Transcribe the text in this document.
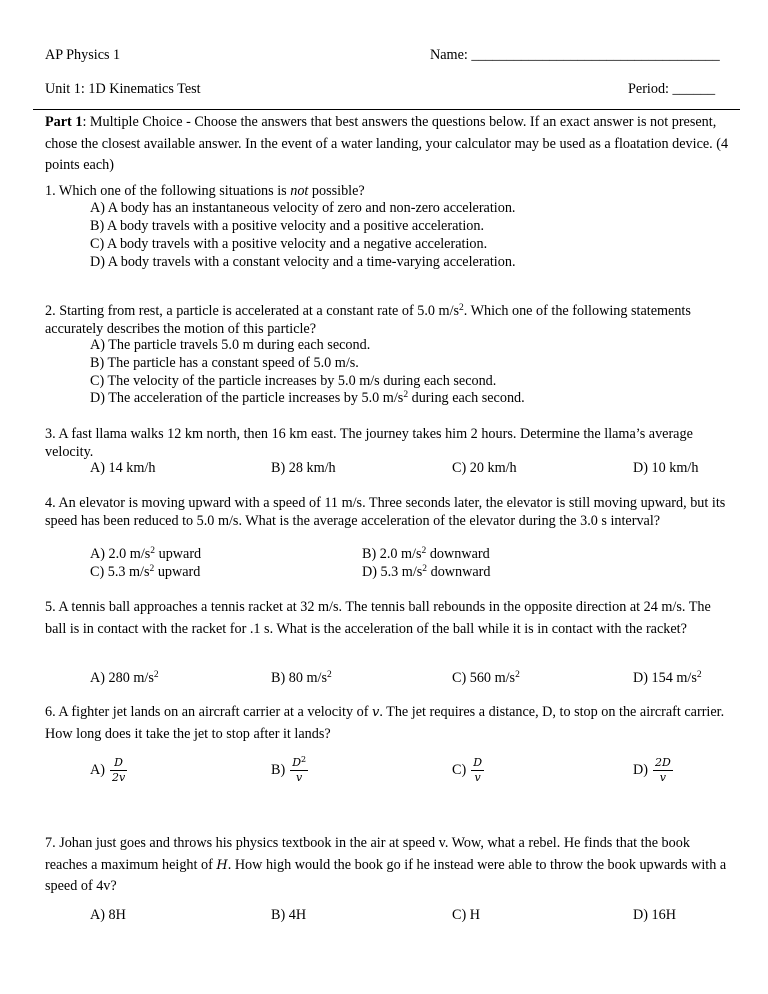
AP Physics 1	Name: ___________________________________
Unit 1: 1D Kinematics Test	Period: ______
Part 1: Multiple Choice - Choose the answers that best answers the questions below. If an exact answer is not present, chose the closest available answer. In the event of a water landing, your calculator may be used as a floatation device. (4 points each)
1. Which one of the following situations is not possible?
A) A body has an instantaneous velocity of zero and non-zero acceleration.
B) A body travels with a positive velocity and a positive acceleration.
C) A body travels with a positive velocity and a negative acceleration.
D) A body travels with a constant velocity and a time-varying acceleration.
2. Starting from rest, a particle is accelerated at a constant rate of 5.0 $m/s^2$. Which one of the following statements accurately describes the motion of this particle?
A) The particle travels 5.0 m during each second.
B) The particle has a constant speed of 5.0 m/s.
C) The velocity of the particle increases by 5.0 m/s during each second.
D) The acceleration of the particle increases by 5.0 $m/s^2$ during each second.
3. A fast llama walks 12 km north, then 16 km east. The journey takes him 2 hours. Determine the llama’s average velocity.
A) 14 km/h	B) 28 km/h	C) 20 km/h	D) 10 km/h
4. An elevator is moving upward with a speed of 11 m/s. Three seconds later, the elevator is still moving upward, but its speed has been reduced to 5.0 m/s. What is the average acceleration of the elevator during the 3.0 s interval?
A) 2.0 $m/s^2$ upward	B) 2.0 $m/s^2$ downward
C) 5.3 $m/s^2$ upward	D) 5.3 $m/s^2$ downward
5. A tennis ball approaches a tennis racket at 32 m/s. The tennis ball rebounds in the opposite direction at 24 m/s. The ball is in contact with the racket for .1 s. What is the acceleration of the ball while it is in contact with the racket?
A) 280 $m/s^2$	B) 80 $m/s^2$	C) 560 $m/s^2$	D) 154 $m/s^2$
6. A fighter jet lands on an aircraft carrier at a velocity of v. The jet requires a distance, D, to stop on the aircraft carrier. How long does it take the jet to stop after it lands?
$A) \frac{D}{2v}$	$B) \frac{D^2}{v}$	$C) \frac{D}{v}$	$D) \frac{2D}{v}$
7. Johan just goes and throws his physics textbook in the air at speed v. Wow, what a rebel. He finds that the book reaches a maximum height of H. How high would the book go if he instead were able to throw the book upwards with a speed of 4v?
A) 8H	B) 4H	C) H	D) 16H
